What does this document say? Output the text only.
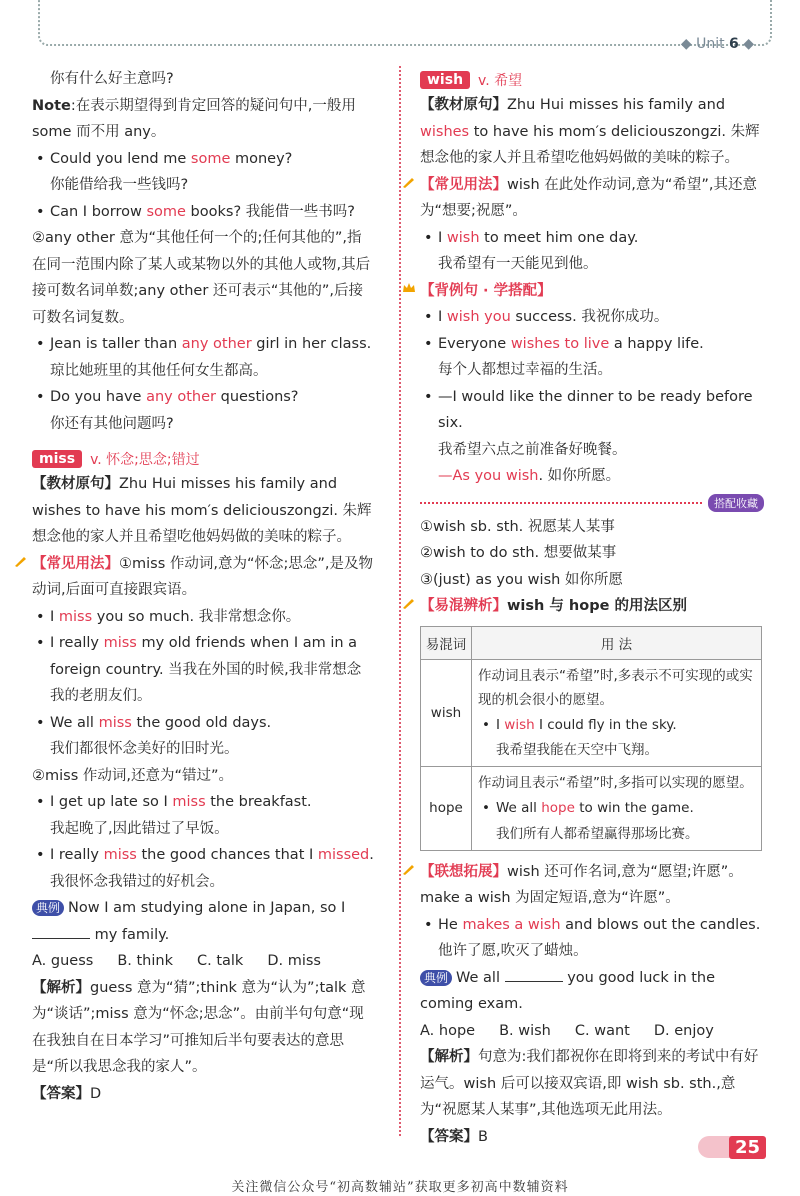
◆ Unit 6 ◆

你有什么好主意吗?

Note:在表示期望得到肯定回答的疑问句中,一般用 some 而不用 any。

• Could you lend me some money?

你能借给我一些钱吗?

• Can I borrow some books? 我能借一些书吗?

②any other 意为“其他任何一个的;任何其他的”,指在同一范围内除了某人或某物以外的其他人或物,其后接可数名词单数;any other 还可表示“其他的”,后接可数名词复数。

• Jean is taller than any other girl in her class.

琼比她班里的其他任何女生都高。

• Do you have any other questions?

你还有其他问题吗?

miss	v. 怀念;思念;错过

【教材原句】Zhu Hui misses his family and wishes to have his mom′s deliciouszongzi. 朱辉想念他的家人并且希望吃他妈妈做的美味的粽子。

【常见用法】①miss 作动词,意为“怀念;思念”,是及物动词,后面可直接跟宾语。

• I miss you so much. 我非常想念你。

• I really miss my old friends when I am in a foreign country. 当我在外国的时候,我非常想念我的老朋友们。

• We all miss the good old days.

我们都很怀念美好的旧时光。

②miss 作动词,还意为“错过”。

• I get up late so I miss the breakfast.

我起晚了,因此错过了早饭。

• I really miss the good chances that I missed.

我很怀念我错过的好机会。

典例 Now I am studying alone in Japan, so I  my family.

A. guess B. think C. talk D. miss

【解析】guess 意为“猜”;think 意为“认为”;talk 意为“谈话”;miss 意为“怀念;思念”。由前半句句意“现在我独自在日本学习”可推知后半句要表达的意思是“所以我思念我的家人”。

【答案】D

wish	v. 希望

【教材原句】Zhu Hui misses his family and wishes to have his mom′s deliciouszongzi. 朱辉想念他的家人并且希望吃他妈妈做的美味的粽子。

【常见用法】wish 在此处作动词,意为“希望”,其还意为“想要;祝愿”。

• I wish to meet him one day.

我希望有一天能见到他。

【背例句 · 学搭配】

• I wish you success. 我祝你成功。

• Everyone wishes to live a happy life.

每个人都想过幸福的生活。

• —I would like the dinner to be ready before six.

我希望六点之前准备好晚餐。

—As you wish. 如你所愿。

搭配收藏

①wish sb. sth. 祝愿某人某事

②wish to do sth. 想要做某事

③(just) as you wish 如你所愿

【易混辨析】wish 与 hope 的用法区别

易混词	用 法
wish	作动词且表示“希望”时,多表示不可实现的或实现的机会很小的愿望。
• I wish I could fly in the sky.
我希望我能在天空中飞翔。

hope	作动词且表示“希望”时,多指可以实现的愿望。
• We all hope to win the game.
我们所有人都希望赢得那场比赛。

【联想拓展】wish 还可作名词,意为“愿望;许愿”。make a wish 为固定短语,意为“许愿”。

• He makes a wish and blows out the candles.

他许了愿,吹灭了蜡烛。

典例 We all	you good luck in the coming exam.

A. hope B. wish C. want D. enjoy

【解析】句意为:我们都祝你在即将到来的考试中有好运气。wish 后可以接双宾语,即 wish sb. sth.,意为“祝愿某人某事”,其他选项无此用法。

【答案】B

25
关注微信公众号“初高数辅站”获取更多初高中数辅资料
